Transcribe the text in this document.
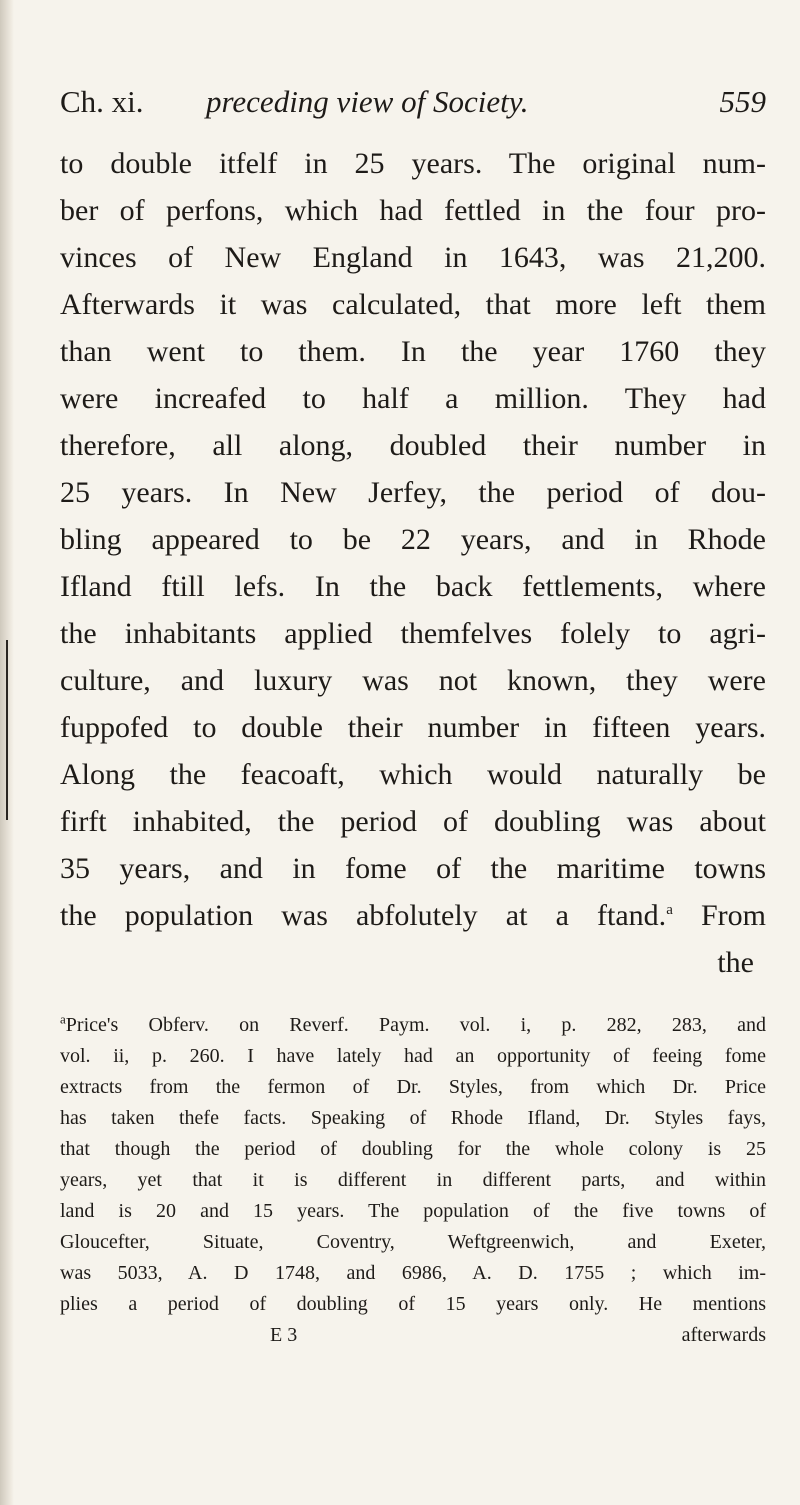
Ch. xi. preceding view of Society.	559
to double itfelf in 25 years. The original num-
ber of perfons, which had fettled in the four pro-
vinces of New England in 1643, was 21,200.
Afterwards it was calculated, that more left them
than went to them. In the year 1760 they
were increafed to half a million. They had
therefore, all along, doubled their number in
25 years. In New Jerfey, the period of dou-
bling appeared to be 22 years, and in Rhode
Ifland ftill lefs. In the back fettlements, where
the inhabitants applied themfelves folely to agri-
culture, and luxury was not known, they were
fuppofed to double their number in fifteen years.
Along the feacoaft, which would naturally be
firft inhabited, the period of doubling was about
35 years, and in fome of the maritime towns
the population was abfolutely at a ftand.$^a$ From
the
$^a$Price's Obferv. on Reverf. Paym. vol. i, p. 282, 283, and
vol. ii, p. 260. I have lately had an opportunity of feeing fome
extracts from the fermon of Dr. Styles, from which Dr. Price
has taken thefe facts. Speaking of Rhode Ifland, Dr. Styles fays,
that though the period of doubling for the whole colony is 25
years, yet that it is different in different parts, and within
land is 20 and 15 years. The population of the five towns of
Gloucefter, Situate, Coventry, Weftgreenwich, and Exeter,
was 5033, A. D 1748, and 6986, A. D. 1755 ; which im-
plies a period of doubling of 15 years only. He mentions
E 3	afterwards
